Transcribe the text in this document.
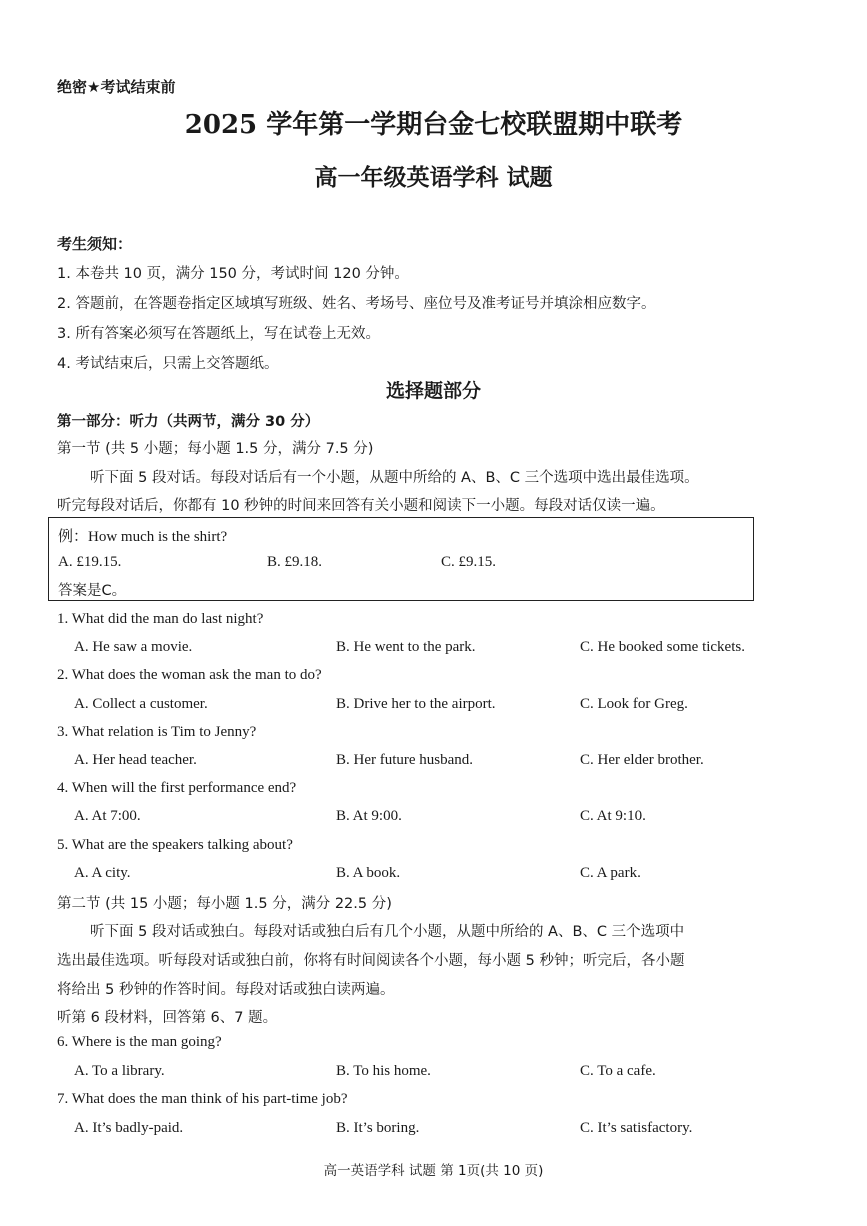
绝密★考试结束前
2025 学年第一学期台金七校联盟期中联考
高一年级英语学科 试题
考生须知：
1. 本卷共 10 页，满分 150 分，考试时间 120 分钟。
2. 答题前，在答题卷指定区域填写班级、姓名、考场号、座位号及准考证号并填涂相应数字。
3. 所有答案必须写在答题纸上，写在试卷上无效。
4. 考试结束后，只需上交答题纸。
选择题部分
第一部分：听力（共两节，满分 30 分）
第一节 (共 5 小题；每小题 1.5 分，满分 7.5 分)
听下面 5 段对话。每段对话后有一个小题，从题中所给的 A、B、C 三个选项中选出最佳选项。
听完每段对话后，你都有 10 秒钟的时间来回答有关小题和阅读下一小题。每段对话仅读一遍。
例：How much is the shirt?
A. £19.15.	B. £9.18.	C. £9.15.
答案是C。
1. What did the man do last night?
A. He saw a movie.	B. He went to the park.	C. He booked some tickets.
2. What does the woman ask the man to do?
A. Collect a customer.	B. Drive her to the airport.	C. Look for Greg.
3. What relation is Tim to Jenny?
A. Her head teacher.	B. Her future husband.	C. Her elder brother.
4. When will the first performance end?
A. At 7:00.	B. At 9:00.	C. At 9:10.
5. What are the speakers talking about?
A. A city.	B. A book.	C. A park.
第二节 (共 15 小题；每小题 1.5 分，满分 22.5 分)
听下面 5 段对话或独白。每段对话或独白后有几个小题，从题中所给的 A、B、C 三个选项中
选出最佳选项。听每段对话或独白前，你将有时间阅读各个小题，每小题 5 秒钟；听完后，各小题
将给出 5 秒钟的作答时间。每段对话或独白读两遍。
听第 6 段材料，回答第 6、7 题。
6. Where is the man going?
A. To a library.	B. To his home.	C. To a cafe.
7. What does the man think of his part-time job?
A. It’s badly-paid.	B. It’s boring.	C. It’s satisfactory.
高一英语学科 试题 第 1页(共 10 页)
